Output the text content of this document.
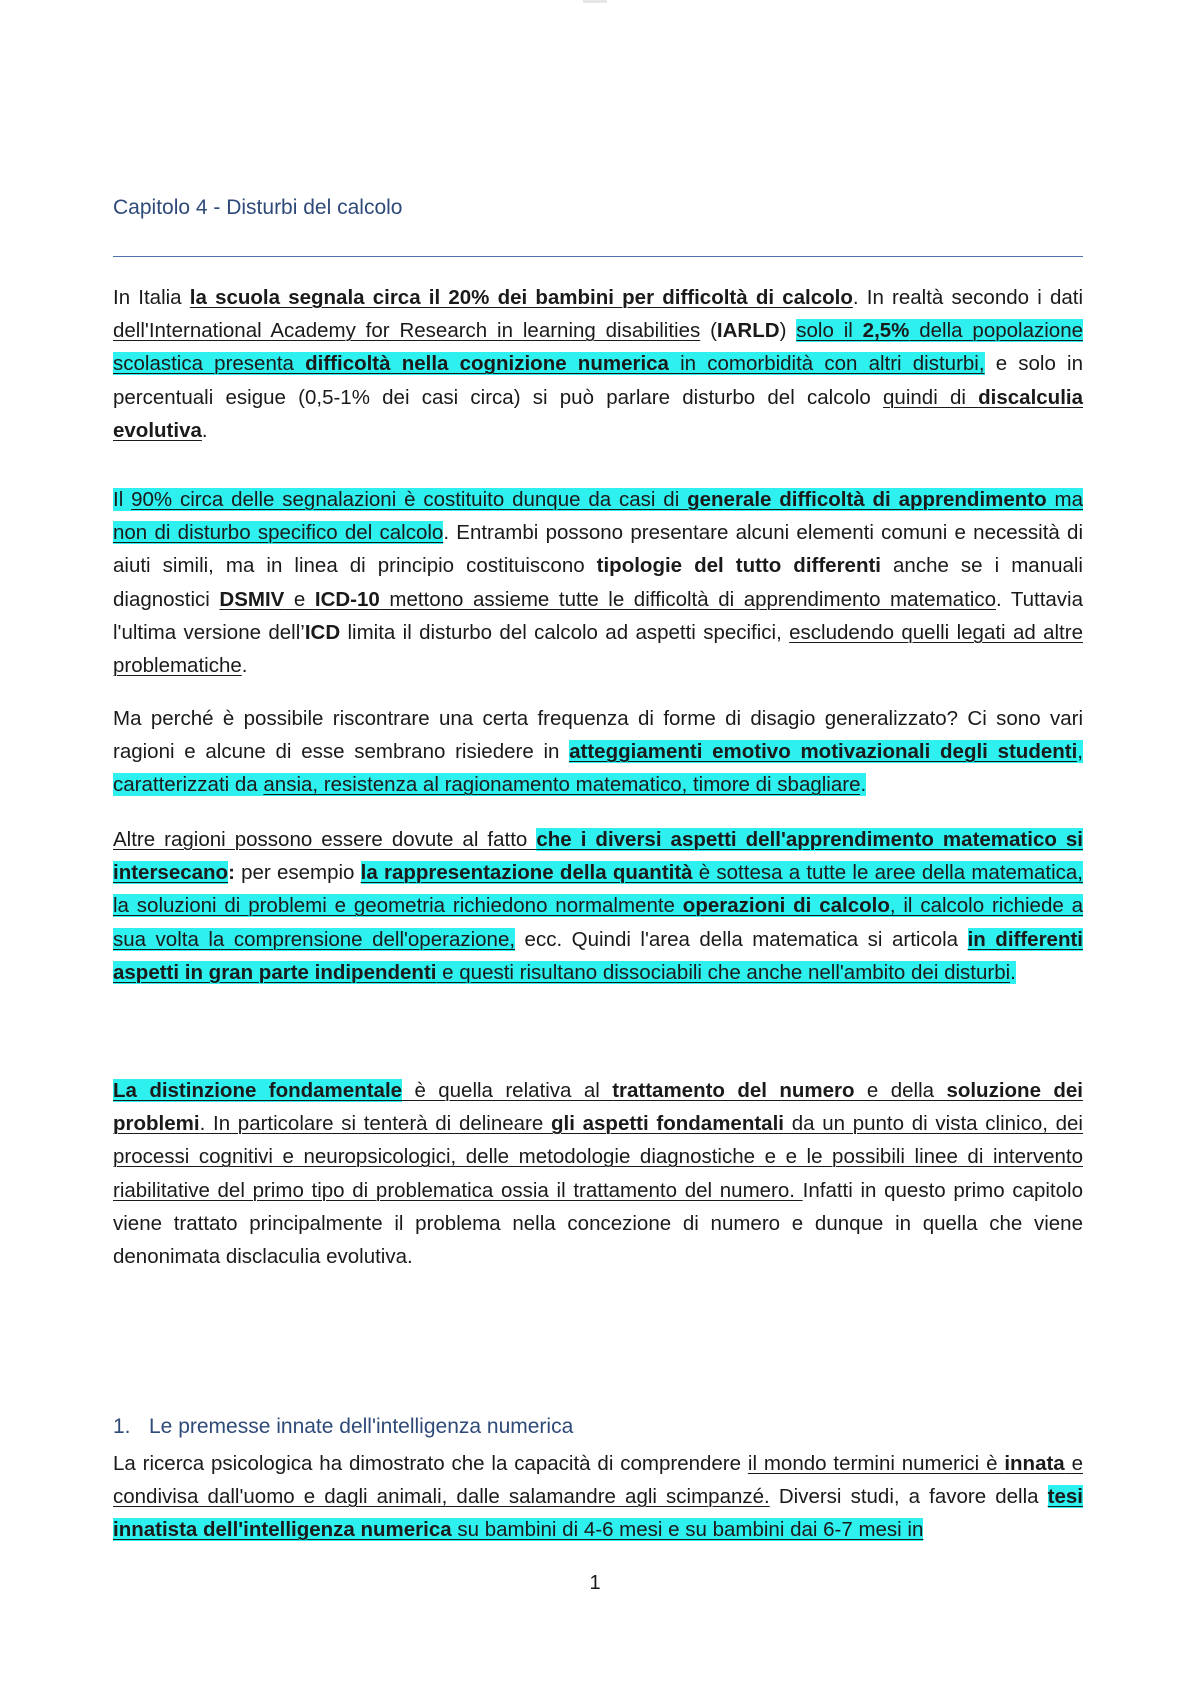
Capitolo 4 - Disturbi del calcolo

In Italia la scuola segnala circa il 20% dei bambini per difficoltà di calcolo. In realtà secondo i dati dell'International Academy for Research in learning disabilities (IARLD) solo il 2,5% della popolazione scolastica presenta difficoltà nella cognizione numerica in comorbidità con altri disturbi, e solo in percentuali esigue (0,5-1% dei casi circa) si può parlare disturbo del calcolo quindi di discalculia evolutiva.

Il 90% circa delle segnalazioni è costituito dunque da casi di generale difficoltà di apprendimento ma non di disturbo specifico del calcolo. Entrambi possono presentare alcuni elementi comuni e necessità di aiuti simili, ma in linea di principio costituiscono tipologie del tutto differenti anche se i manuali diagnostici DSMIV e ICD-10 mettono assieme tutte le difficoltà di apprendimento matematico. Tuttavia l'ultima versione dell’ICD limita il disturbo del calcolo ad aspetti specifici, escludendo quelli legati ad altre problematiche.

Ma perché è possibile riscontrare una certa frequenza di forme di disagio generalizzato? Ci sono vari ragioni e alcune di esse sembrano risiedere in atteggiamenti emotivo motivazionali degli studenti, caratterizzati da ansia, resistenza al ragionamento matematico, timore di sbagliare.

Altre ragioni possono essere dovute al fatto che i diversi aspetti dell'apprendimento matematico si intersecano: per esempio la rappresentazione della quantità è sottesa a tutte le aree della matematica, la soluzioni di problemi e geometria richiedono normalmente operazioni di calcolo, il calcolo richiede a sua volta la comprensione dell'operazione, ecc. Quindi l'area della matematica si articola in differenti aspetti in gran parte indipendenti e questi risultano dissociabili che anche nell'ambito dei disturbi.

La distinzione fondamentale è quella relativa al trattamento del numero e della soluzione dei problemi. In particolare si tenterà di delineare gli aspetti fondamentali da un punto di vista clinico, dei processi cognitivi e neuropsicologici, delle metodologie diagnostiche e e le possibili linee di intervento riabilitative del primo tipo di problematica ossia il trattamento del numero. Infatti in questo primo capitolo viene trattato principalmente il problema nella concezione di numero e dunque in quella che viene denonimata disclaculia evolutiva.

1. Le premesse innate dell'intelligenza numerica

La ricerca psicologica ha dimostrato che la capacità di comprendere il mondo termini numerici è innata e condivisa dall'uomo e dagli animali, dalle salamandre agli scimpanzé. Diversi studi, a favore della tesi innatista dell'intelligenza numerica su bambini di 4-6 mesi e su bambini dai 6-7 mesi in

1
